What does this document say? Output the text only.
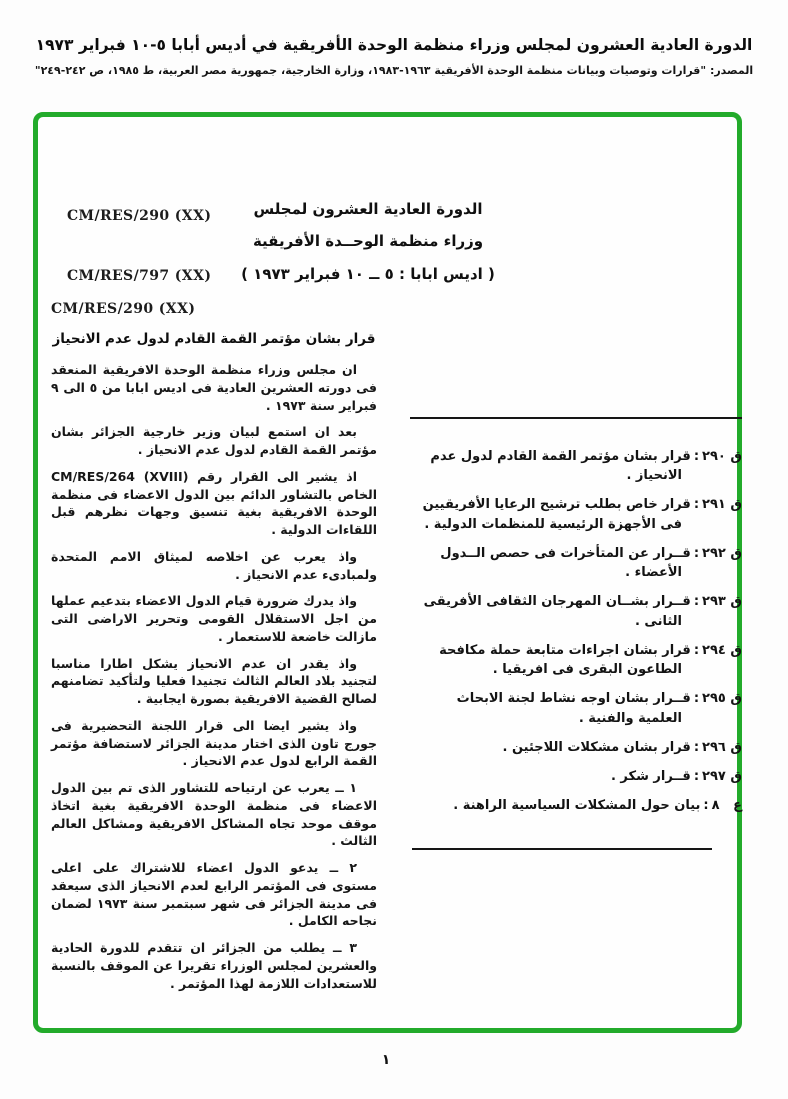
الدورة العادية العشرون لمجلس وزراء منظمة الوحدة الأفريقية في أديس أبابا ٥-١٠ فبراير ١٩٧٣
المصدر: "قرارات وتوصيات وبيانات منظمة الوحدة الأفريقية ١٩٦٣-١٩٨٣، وزارة الخارجية، جمهورية مصر العربية، ط ١٩٨٥، ص ٢٤٢-٢٤٩"

CM/RES/290 (XX)

CM/RES/797 (XX)

الدورة العادية العشرون لمجلس
وزراء منظمة الوحــدة الأفريقية
( اديس ابابا : ٥ ــ ١٠ فبراير ١٩٧٣ )
CM/RES/290 (XX)
قرار بشان مؤتمر القمة القادم لدول عدم الانحياز

ان مجلس وزراء منظمة الوحدة الافريقية المنعقد فى دورته العشرين العادية فى اديس ابابا من ٥ الى ٩ فبراير سنة ١٩٧٣ .

بعد ان استمع لبيان وزير خارجية الجزائر بشان مؤتمر القمة القادم لدول عدم الانحياز .

اذ يشير الى القرار رقم CM/RES/264 (XVIII) الخاص بالتشاور الدائم بين الدول الاعضاء فى منظمة الوحدة الافريقية بغية تنسيق وجهات نظرهم قبل اللقاءات الدولية .

واذ يعرب عن اخلاصه لميثاق الامم المتحدة ولمبادىء عدم الانحياز .

واذ يدرك ضرورة قيام الدول الاعضاء بتدعيم عملها من اجل الاستقلال القومى وتحرير الاراضى التى مازالت خاضعة للاستعمار .

واذ يقدر ان عدم الانحياز يشكل اطارا مناسبا لتجنيد بلاد العالم الثالث تجنيدا فعليا ولتأكيد تضامنهم لصالح القضية الافريقية بصورة ايجابية .

واذ يشير ايضا الى قرار اللجنة التحضيرية فى جورج تاون الذى اختار مدينة الجزائر لاستضافة مؤتمر القمة الرابع لدول عدم الانحياز .

١ ــ يعرب عن ارتياحه للتشاور الذى تم بين الدول الاعضاء فى منظمة الوحدة الافريقية بغية اتخاذ موقف موحد تجاه المشاكل الافريقية ومشاكل العالم الثالث .

٢ ــ يدعو الدول اعضاء للاشتراك على اعلى مستوى فى المؤتمر الرابع لعدم الانحياز الذى سيعقد فى مدينة الجزائر فى شهر سبتمبر سنة ١٩٧٣ لضمان نجاحه الكامل .

٣ ــ يطلب من الجزائر ان تتقدم للدورة الحادية والعشرين لمجلس الوزراء تقريرا عن الموقف بالنسبة للاستعدادات اللازمة لهذا المؤتمر .

ق ٢٩٠:قرار بشان مؤتمر القمة القادم لدول عدم الانحياز .
ق ٢٩١:قرار خاص بطلب ترشيح الرعايا الأفريقيين فى الأجهزة الرئيسية للمنظمات الدولية .
ق ٢٩٢:قــرار عن المتأخرات فى حصص الــدول الأعضاء .
ق ٢٩٣:قــرار بشــان المهرجان الثقافى الأفريقى الثانى .
ق ٢٩٤:قرار بشان اجراءات متابعة حملة مكافحة الطاعون البقرى فى افريقيا .
ق ٢٩٥:قــرار بشان اوجه نشاط لجنة الابحاث العلمية والفنية .
ق ٢٩٦:قرار بشان مشكلات اللاجئين .
ق ٢٩٧:قــرار شكر .
ع   ٨:بيان حول المشكلات السياسية الراهنة .
١
